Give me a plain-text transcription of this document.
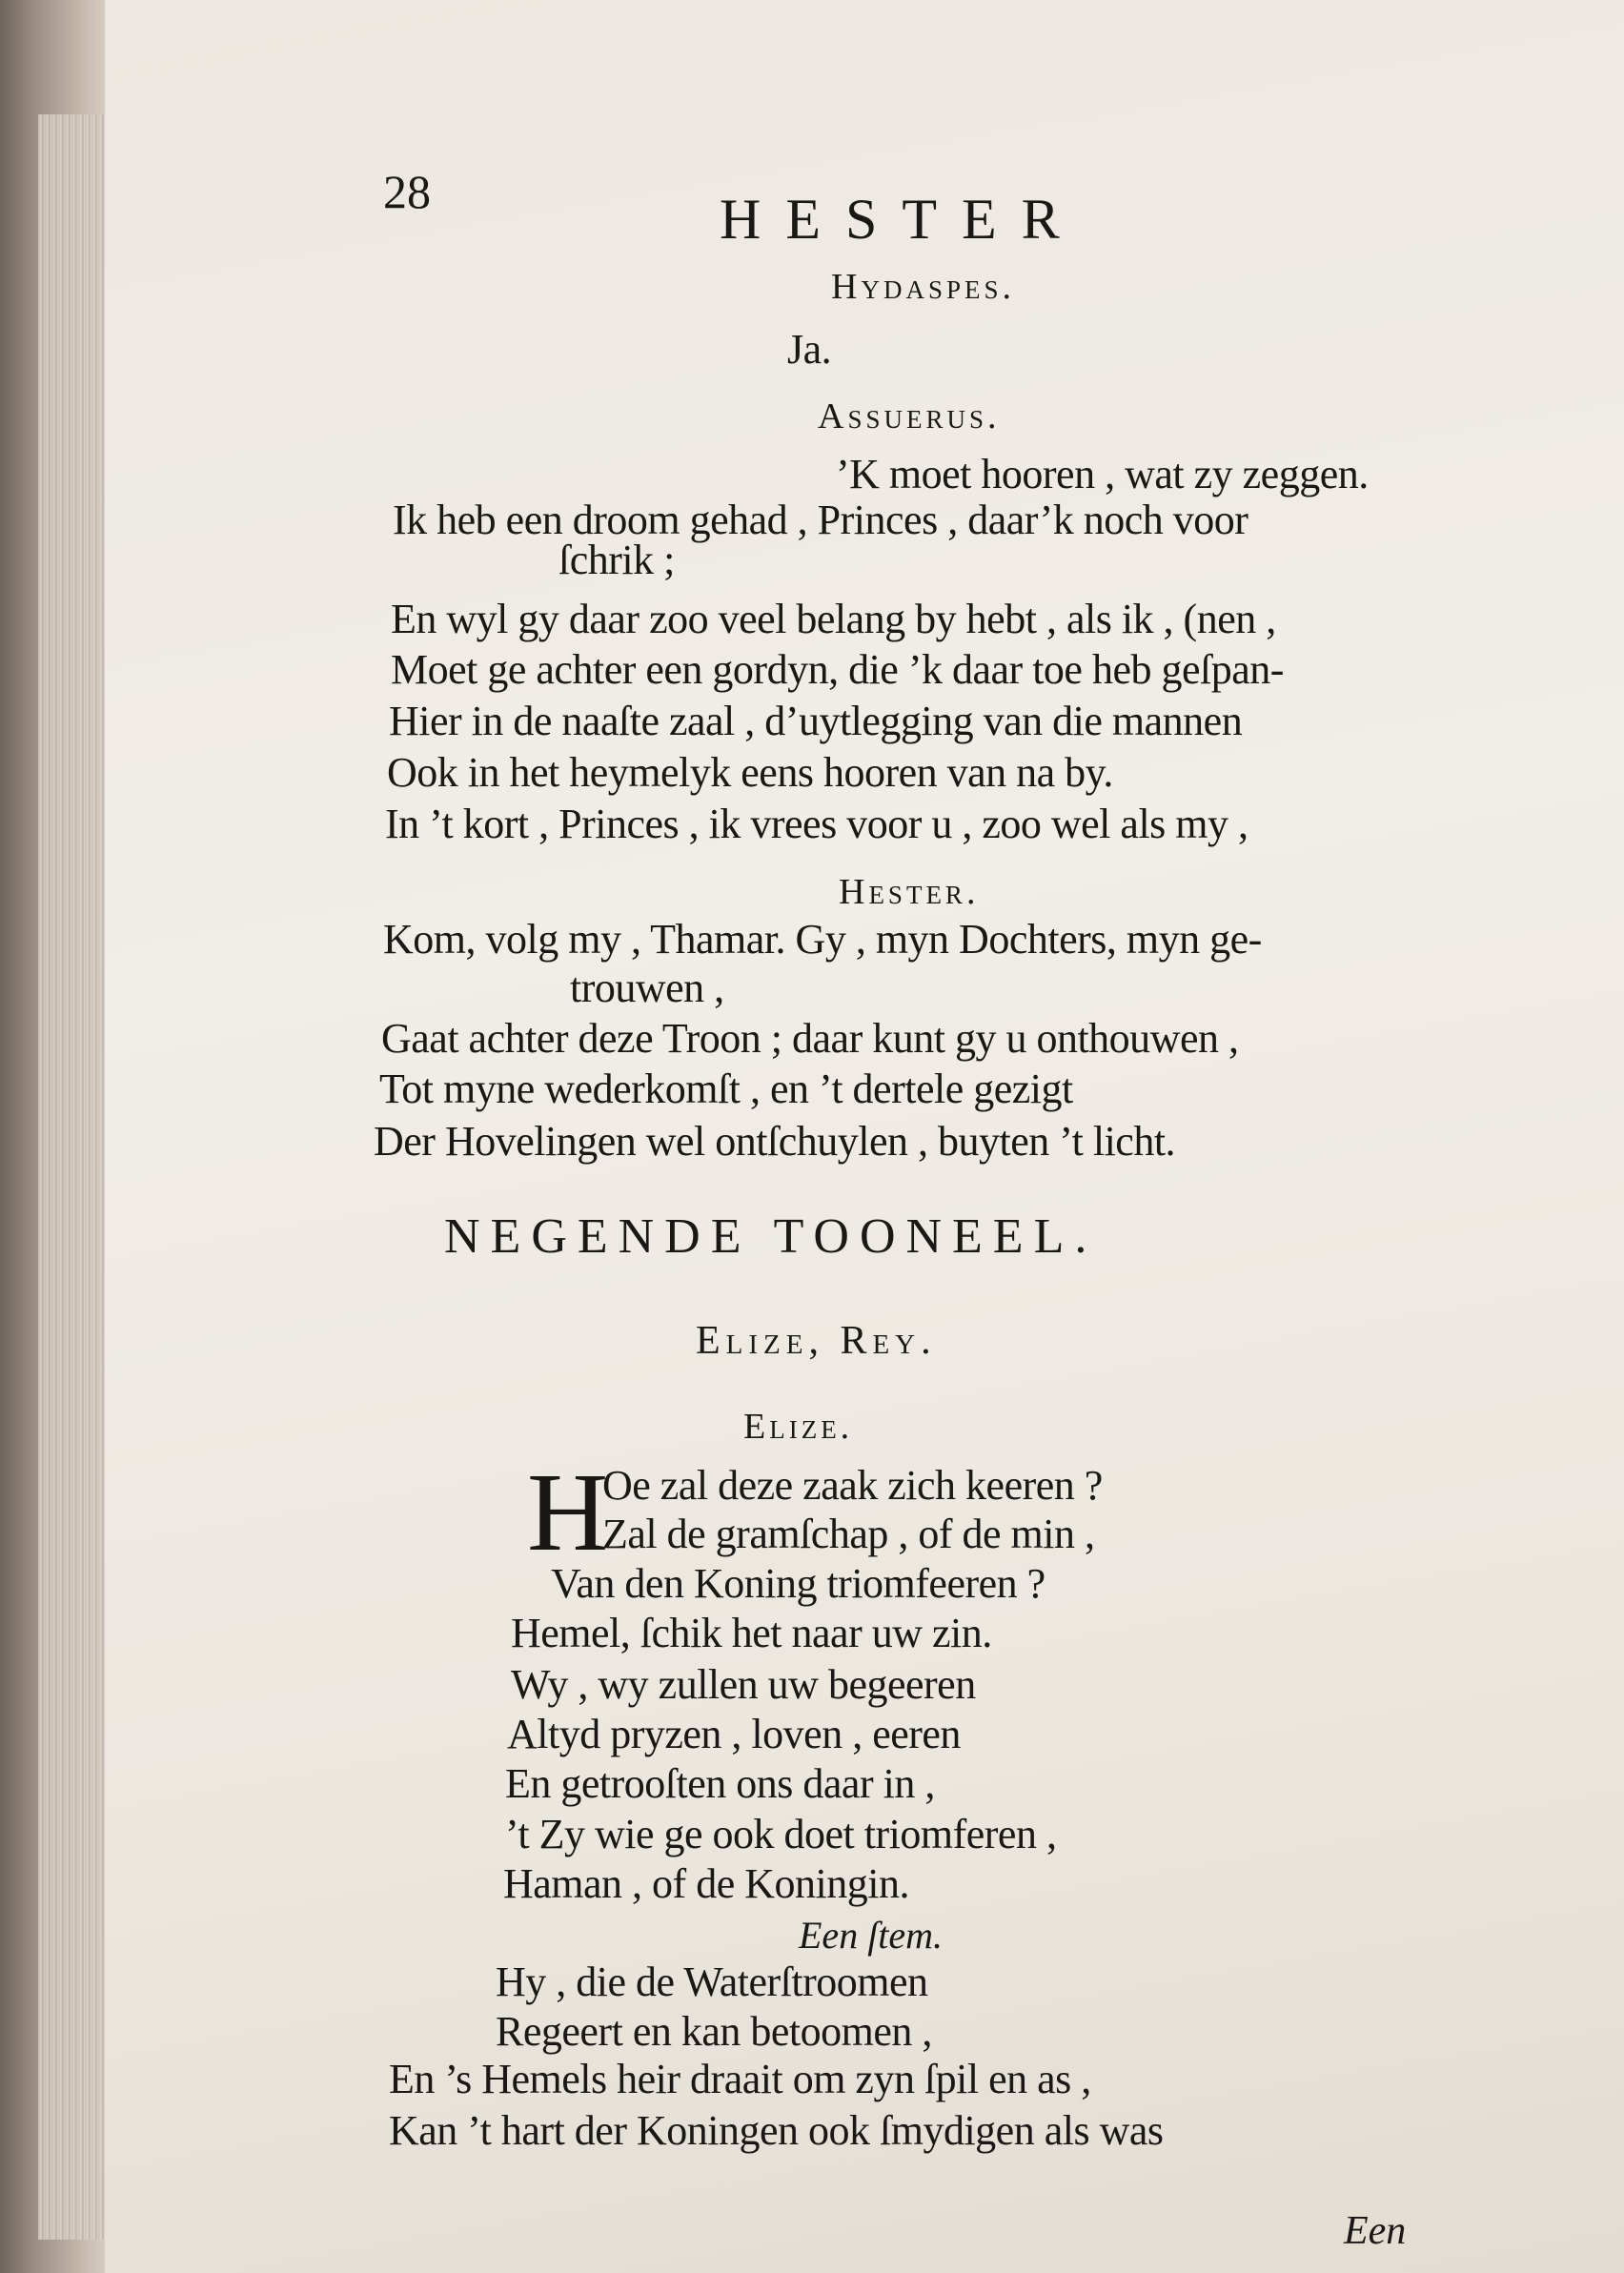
28	HESTER
Hydaspes.
Ja.
Assuerus.
’K moet hooren , wat zy zeggen.
Ik heb een droom gehad , Princes , daar’k noch voor
ſchrik ;
En wyl gy daar zoo veel belang by hebt , als ik , (nen ,
Moet ge achter een gordyn, die ’k daar toe heb geſpan-
Hier in de naaſte zaal , d’uytlegging van die mannen
Ook in het heymelyk eens hooren van na by.
In ’t kort , Princes , ik vrees voor u , zoo wel als my ,
Hester.
Kom, volg my , Thamar. Gy , myn Dochters, myn ge-
trouwen ,
Gaat achter deze Troon ; daar kunt gy u onthouwen ,
Tot myne wederkomſt , en ’t dertele gezigt
Der Hovelingen wel ontſchuylen , buyten ’t licht.
NEGENDE TOONEEL.
Elize, Rey.
Elize.
H
Oe zal deze zaak zich keeren ?
Zal de gramſchap , of de min ,
Van den Koning triomfeeren ?
Hemel, ſchik het naar uw zin.
Wy , wy zullen uw begeeren
Altyd pryzen , loven , eeren
En getrooſten ons daar in ,
’t Zy wie ge ook doet triomferen ,
Haman , of de Koningin.
Een ſtem.
Hy , die de Waterſtroomen
Regeert en kan betoomen ,
En ’s Hemels heir draait om zyn ſpil en as ,
Kan ’t hart der Koningen ook ſmydigen als was
Een
